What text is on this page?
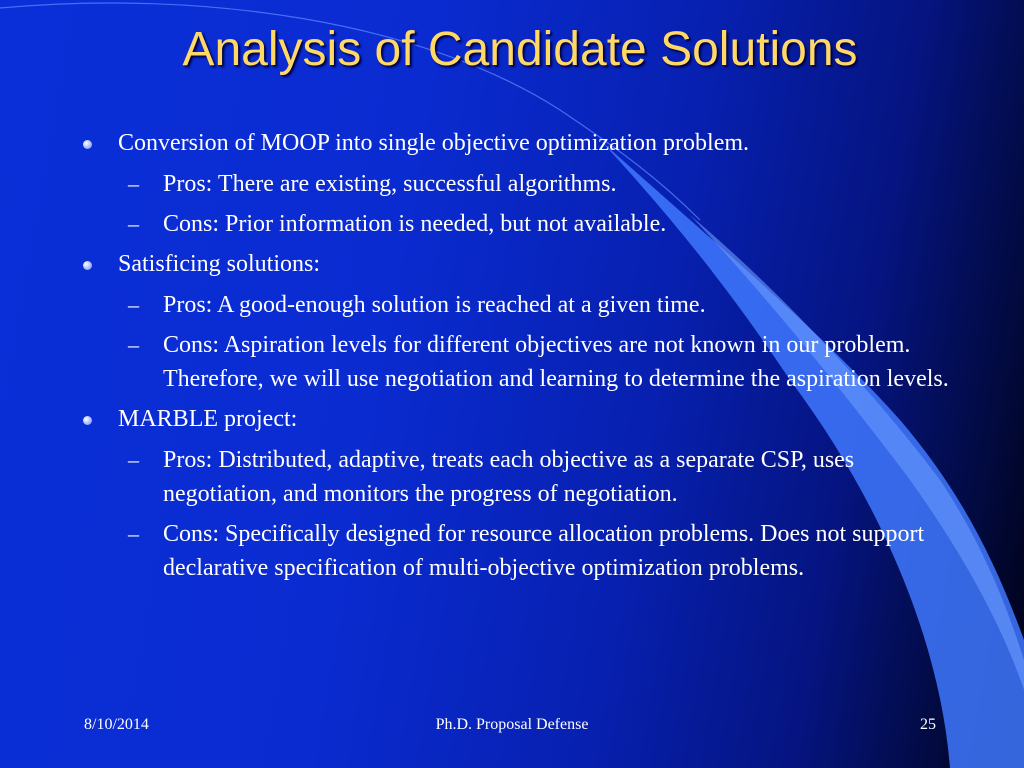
Analysis of Candidate Solutions
Conversion of MOOP into single objective optimization problem.
– Pros: There are existing, successful algorithms.
– Cons: Prior information is needed, but not available.
Satisficing solutions:
– Pros: A good-enough solution is reached at a given time.
– Cons: Aspiration levels for different objectives are not known in our problem. Therefore, we will use negotiation and learning to determine the aspiration levels.
MARBLE project:
– Pros: Distributed, adaptive, treats each objective as a separate CSP, uses negotiation, and monitors the progress of negotiation.
– Cons: Specifically designed for resource allocation problems. Does not support declarative specification of multi-objective optimization problems.
8/10/2014	Ph.D. Proposal Defense	25
